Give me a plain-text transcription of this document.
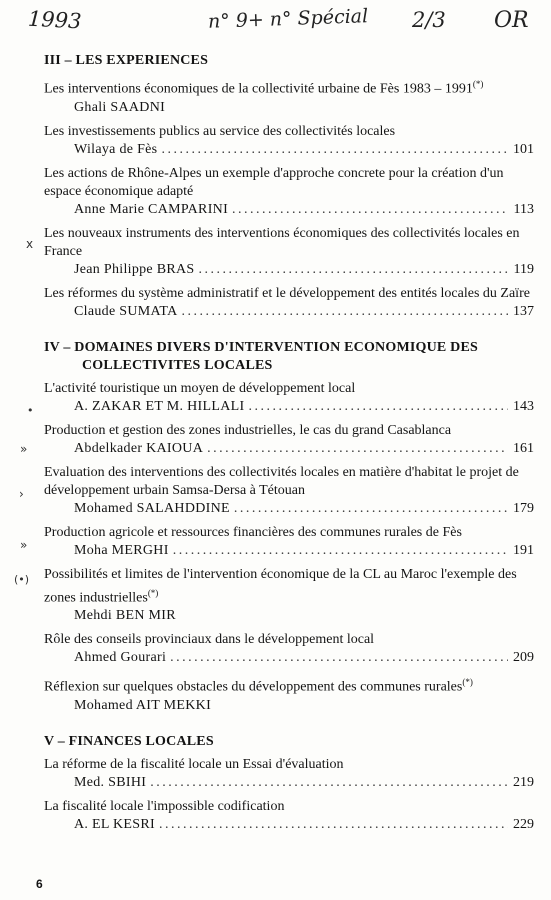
1993	n° 9+ n° Spécial 2/3 OR
x
•
»
›
»
(•)
III – LES EXPERIENCES
Les interventions économiques de la collectivité urbaine de Fès 1983 – 1991(*)
Ghali SAADNI
Les investissements publics au service des collectivités locales
Wilaya de Fès .....	101
Les actions de Rhône-Alpes un exemple d'approche concrete pour la création d'un espace économique adapté
Anne Marie CAMPARINI .....	113
Les nouveaux instruments des interventions économiques des collectivités locales en France
Jean Philippe BRAS .....	119
Les réformes du système administratif et le développement des entités locales du Zaïre
Claude SUMATA .....	137
IV – DOMAINES DIVERS D'INTERVENTION ECONOMIQUE DES
COLLECTIVITES LOCALES
L'activité touristique un moyen de développement local
A. ZAKAR ET M. HILLALI .....	143
Production et gestion des zones industrielles, le cas du grand Casablanca
Abdelkader KAIOUA .....	161
Evaluation des interventions des collectivités locales en matière d'habitat le projet de développement urbain Samsa-Dersa à Tétouan
Mohamed SALAHDDINE .....	179
Production agricole et ressources financières des communes rurales de Fès
Moha MERGHI .....	191
Possibilités et limites de l'intervention économique de la CL au Maroc l'exemple des zones industrielles(*)
Mehdi BEN MIR
Rôle des conseils provinciaux dans le développement local
Ahmed Gourari .....	209
Réflexion sur quelques obstacles du développement des communes rurales(*)
Mohamed AIT MEKKI
V – FINANCES LOCALES
La réforme de la fiscalité locale un Essai d'évaluation
Med. SBIHI .....	219
La fiscalité locale l'impossible codification
A. EL KESRI .....	229
6
